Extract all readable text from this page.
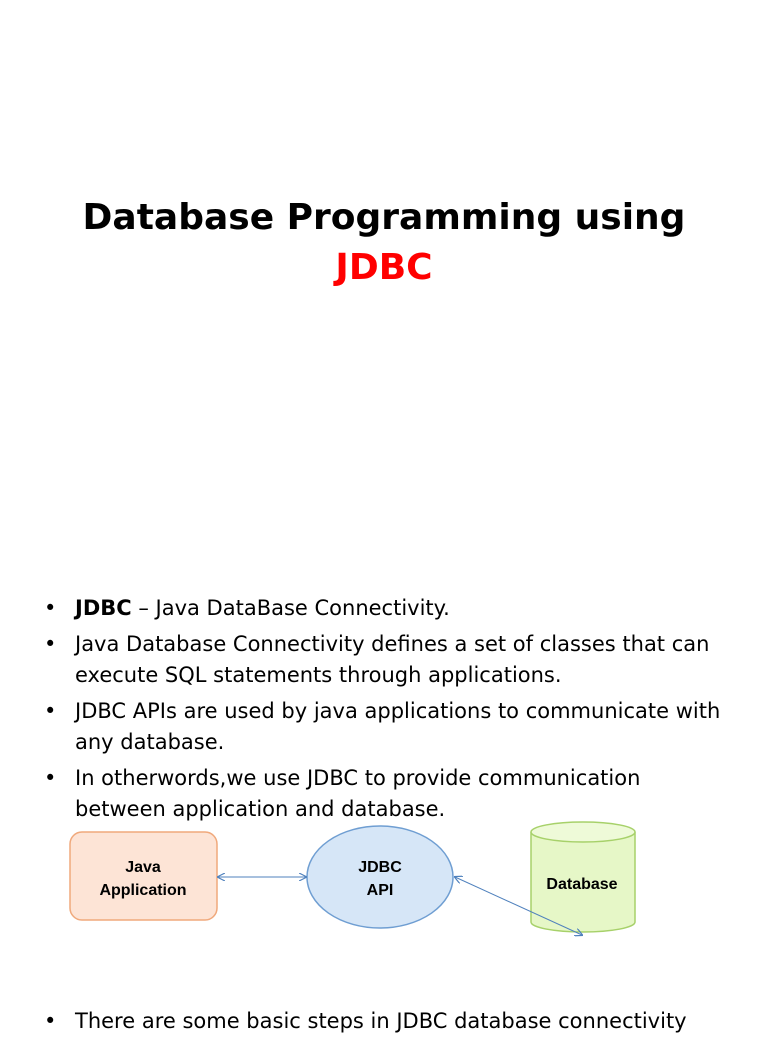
Database Programming using
JDBC
• JDBC – Java DataBase Connectivity.
• Java Database Connectivity defines a set of classes that can execute SQL statements through applications.
• JDBC APIs are used by java applications to communicate with any database.
• In otherwords,we use JDBC to provide communication between application and database.
Java
Application
JDBC
API	Database
• There are some basic steps in JDBC database connectivity
